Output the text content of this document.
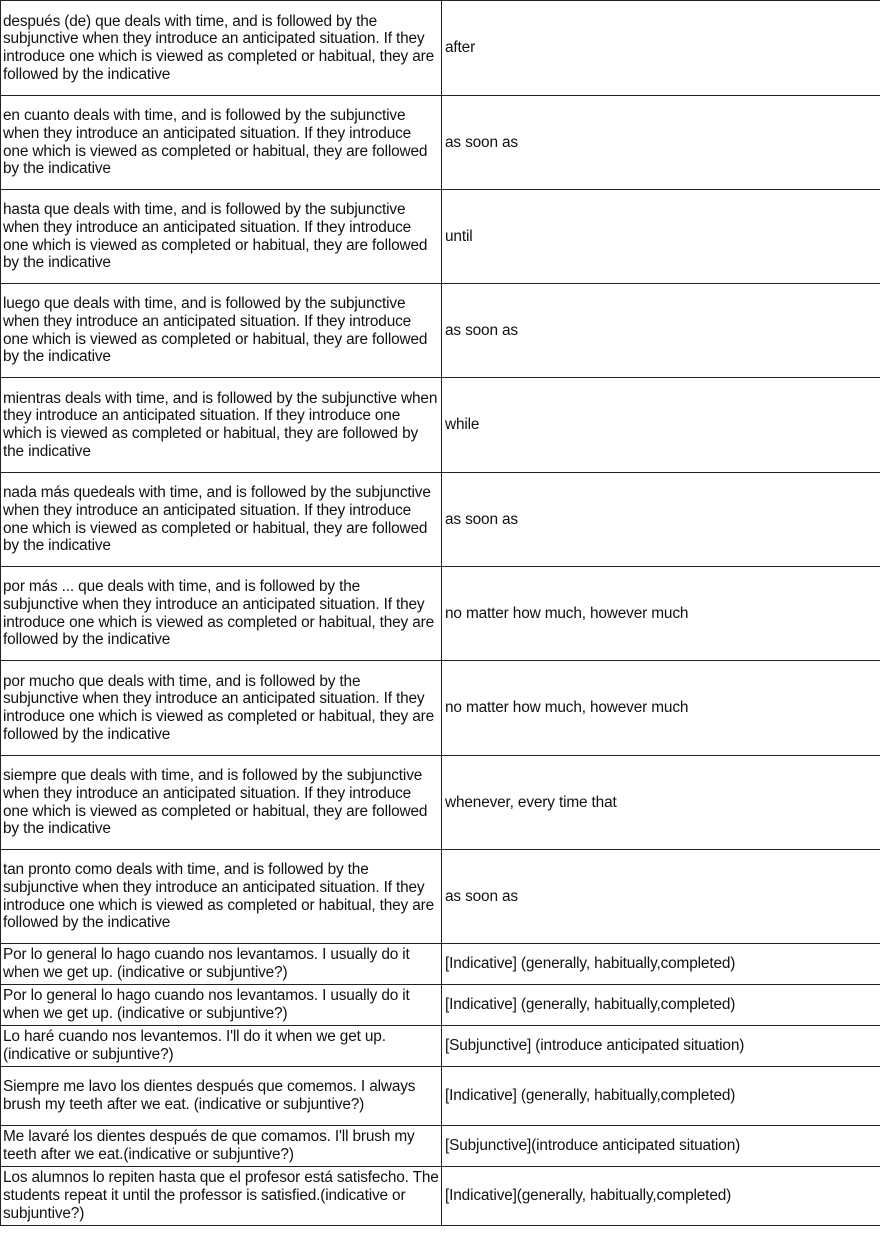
después (de) que deals with time, and is followed by the subjunctive when they introduce an anticipated situation. If they introduce one which is viewed as completed or habitual, they are followed by the indicative	after
en cuanto deals with time, and is followed by the subjunctive when they introduce an anticipated situation. If they introduce one which is viewed as completed or habitual, they are followed by the indicative	as soon as
hasta que deals with time, and is followed by the subjunctive when they introduce an anticipated situation. If they introduce one which is viewed as completed or habitual, they are followed by the indicative	until
luego que deals with time, and is followed by the subjunctive when they introduce an anticipated situation. If they introduce one which is viewed as completed or habitual, they are followed by the indicative	as soon as
mientras deals with time, and is followed by the subjunctive when they introduce an anticipated situation. If they introduce one which is viewed as completed or habitual, they are followed by the indicative	while
nada más quedeals with time, and is followed by the subjunctive when they introduce an anticipated situation. If they introduce one which is viewed as completed or habitual, they are followed by the indicative	as soon as
por más ... que deals with time, and is followed by the subjunctive when they introduce an anticipated situation. If they introduce one which is viewed as completed or habitual, they are followed by the indicative	no matter how much, however much
por mucho que deals with time, and is followed by the subjunctive when they introduce an anticipated situation. If they introduce one which is viewed as completed or habitual, they are followed by the indicative	no matter how much, however much
siempre que deals with time, and is followed by the subjunctive when they introduce an anticipated situation. If they introduce one which is viewed as completed or habitual, they are followed by the indicative	whenever, every time that
tan pronto como deals with time, and is followed by the subjunctive when they introduce an anticipated situation. If they introduce one which is viewed as completed or habitual, they are followed by the indicative	as soon as
Por lo general lo hago cuando nos levantamos. I usually do it when we get up. (indicative or subjuntive?)	[Indicative] (generally, habitually,completed)
Por lo general lo hago cuando nos levantamos. I usually do it when we get up. (indicative or subjuntive?)	[Indicative] (generally, habitually,completed)
Lo haré cuando nos levantemos. I'll do it when we get up. (indicative or subjuntive?)	[Subjunctive] (introduce anticipated situation)
Siempre me lavo los dientes después que comemos. I always brush my teeth after we eat. (indicative or subjuntive?)	[Indicative] (generally, habitually,completed)
Me lavaré los dientes después de que comamos. I'll brush my teeth after we eat.(indicative or subjuntive?)	[Subjunctive](introduce anticipated situation)
Los alumnos lo repiten hasta que el profesor está satisfecho. The students repeat it until the professor is satisfied.(indicative or subjuntive?)	[Indicative](generally, habitually,completed)
